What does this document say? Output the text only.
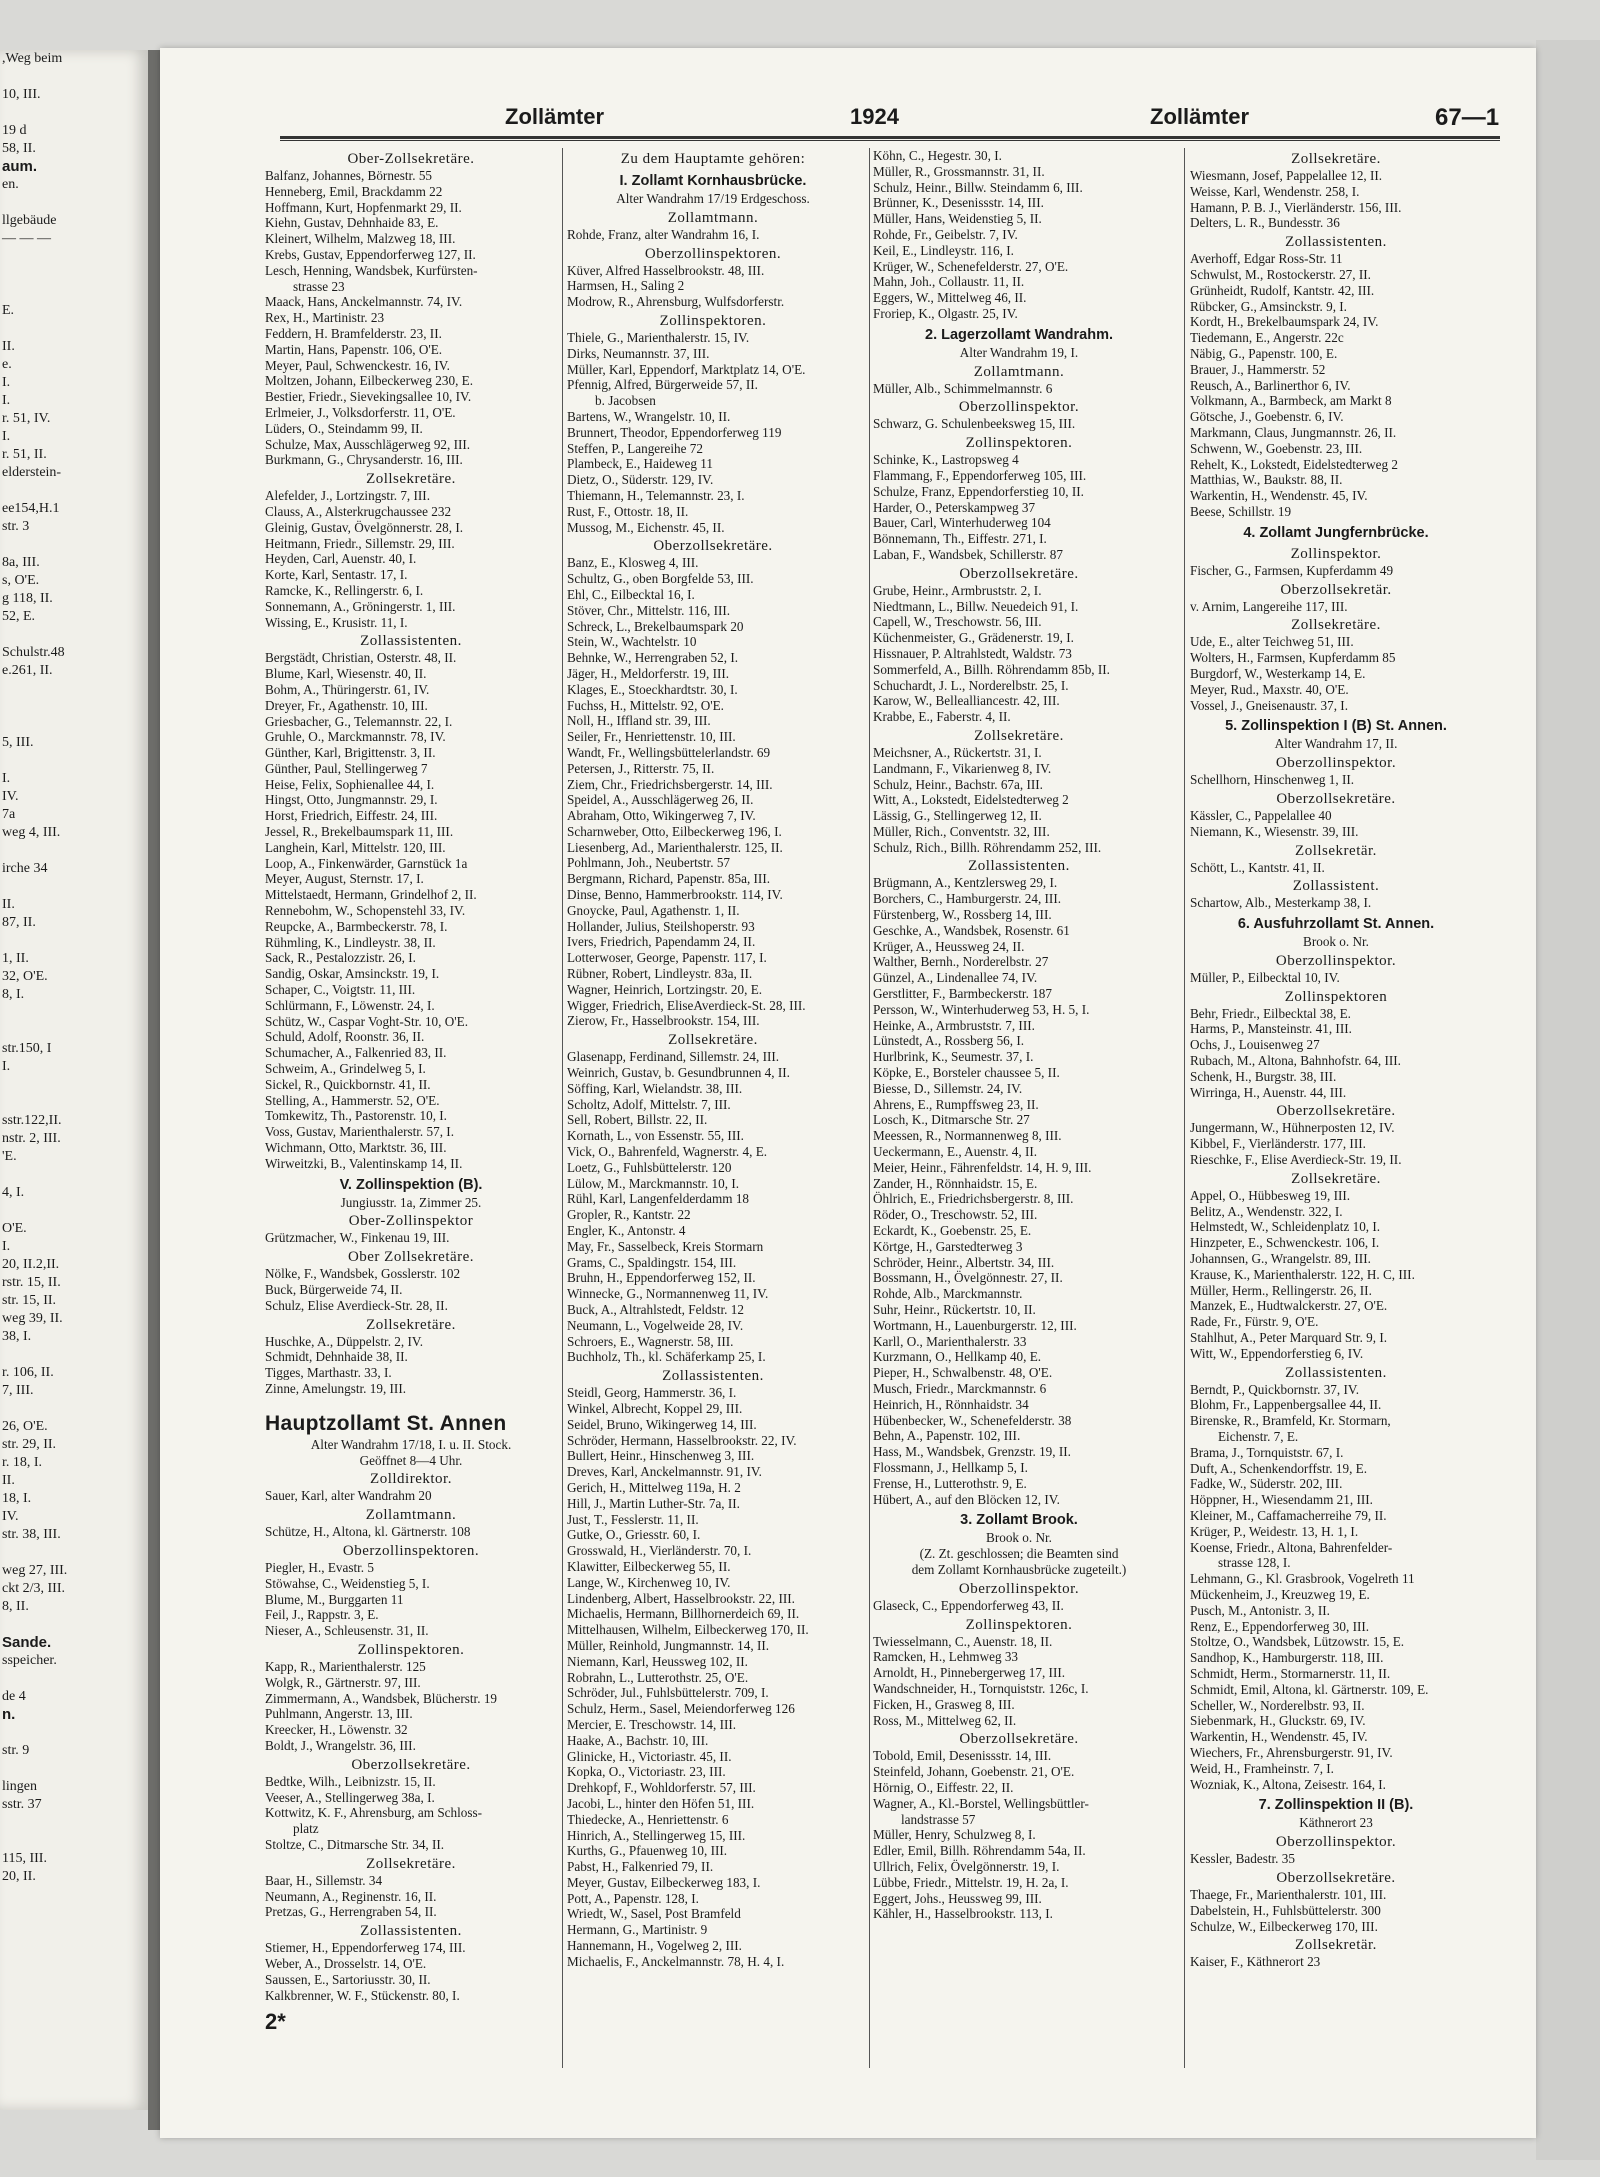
,Weg beim

10, III.

19 d
58, II.
aum.
en.

llgebäude
— — —

E.

II.
e.
I.
I.
r. 51, IV.
I.
r. 51, II.
elderstein-

ee154,H.1
str. 3

8a, III.
s, O'E.
g 118, II.
52, E.

Schulstr.48
e.261, II.

5, III.

I.
IV.
7a
weg 4, III.

irche 34

II.
87, II.

1, II.
32, O'E.
8, I.

str.150, I
I.

sstr.122,II.
nstr. 2, III.
'E.

4, I.

O'E.
I.
20, II.2,II.
rstr. 15, II.
str. 15, II.
weg 39, II.
38, I.

r. 106, II.
7, III.

26, O'E.
str. 29, II.
r. 18, I.
II.
18, I.
IV.
str. 38, III.

weg 27, III.
ckt 2/3, III.
8, II.

Sande.
sspeicher.

de 4
n.

str. 9

lingen
sstr. 37

115, III.
20, II.
Zollämter	1924	Zollämter	67—1
Ober-Zollsekretäre.
Balfanz, Johannes, Börnestr. 55
Henneberg, Emil, Brackdamm 22
Hoffmann, Kurt, Hopfenmarkt 29, II.
Kiehn, Gustav, Dehnhaide 83, E.
Kleinert, Wilhelm, Malzweg 18, III.
Krebs, Gustav, Eppendorferweg 127, II.
Lesch, Henning, Wandsbek, Kurfürsten-
strasse 23
Maack, Hans, Anckelmannstr. 74, IV.
Rex, H., Martinistr. 23
Feddern, H. Bramfelderstr. 23, II.
Martin, Hans, Papenstr. 106, O'E.
Meyer, Paul, Schwenckestr. 16, IV.
Moltzen, Johann, Eilbeckerweg 230, E.
Bestier, Friedr., Sievekingsallee 10, IV.
Erlmeier, J., Volksdorferstr. 11, O'E.
Lüders, O., Steindamm 99, II.
Schulze, Max, Ausschlägerweg 92, III.
Burkmann, G., Chrysanderstr. 16, III.
Zollsekretäre.
Alefelder, J., Lortzingstr. 7, III.
Clauss, A., Alsterkrugchaussee 232
Gleinig, Gustav, Övelgönnerstr. 28, I.
Heitmann, Friedr., Sillemstr. 29, III.
Heyden, Carl, Auenstr. 40, I.
Korte, Karl, Sentastr. 17, I.
Ramcke, K., Rellingerstr. 6, I.
Sonnemann, A., Gröningerstr. 1, III.
Wissing, E., Krusistr. 11, I.
Zollassistenten.
Bergstädt, Christian, Osterstr. 48, II.
Blume, Karl, Wiesenstr. 40, II.
Bohm, A., Thüringerstr. 61, IV.
Dreyer, Fr., Agathenstr. 10, III.
Griesbacher, G., Telemannstr. 22, I.
Gruhle, O., Marckmannstr. 78, IV.
Günther, Karl, Brigittenstr. 3, II.
Günther, Paul, Stellingerweg 7
Heise, Felix, Sophienallee 44, I.
Hingst, Otto, Jungmannstr. 29, I.
Horst, Friedrich, Eiffestr. 24, III.
Jessel, R., Brekelbaumspark 11, III.
Langhein, Karl, Mittelstr. 120, III.
Loop, A., Finkenwärder, Garnstück 1a
Meyer, August, Sternstr. 17, I.
Mittelstaedt, Hermann, Grindelhof 2, II.
Rennebohm, W., Schopenstehl 33, IV.
Reupcke, A., Barmbeckerstr. 78, I.
Rühmling, K., Lindleystr. 38, II.
Sack, R., Pestalozzistr. 26, I.
Sandig, Oskar, Amsinckstr. 19, I.
Schaper, C., Voigtstr. 11, III.
Schlürmann, F., Löwenstr. 24, I.
Schütz, W., Caspar Voght-Str. 10, O'E.
Schuld, Adolf, Roonstr. 36, II.
Schumacher, A., Falkenried 83, II.
Schweim, A., Grindelweg 5, I.
Sickel, R., Quickbornstr. 41, II.
Stelling, A., Hammerstr. 52, O'E.
Tomkewitz, Th., Pastorenstr. 10, I.
Voss, Gustav, Marienthalerstr. 57, I.
Wichmann, Otto, Marktstr. 36, III.
Wirweitzki, B., Valentinskamp 14, II.
V. Zollinspektion (B).
Jungiusstr. 1a, Zimmer 25.
Ober-Zollinspektor
Grützmacher, W., Finkenau 19, III.
Ober Zollsekretäre.
Nölke, F., Wandsbek, Gosslerstr. 102
Buck, Bürgerweide 74, II.
Schulz, Elise Averdieck-Str. 28, II.
Zollsekretäre.
Huschke, A., Düppelstr. 2, IV.
Schmidt, Dehnhaide 38, II.
Tigges, Marthastr. 33, I.
Zinne, Amelungstr. 19, III.
Hauptzollamt St. Annen
Alter Wandrahm 17/18, I. u. II. Stock.
Geöffnet 8—4 Uhr.
Zolldirektor.
Sauer, Karl, alter Wandrahm 20
Zollamtmann.
Schütze, H., Altona, kl. Gärtnerstr. 108
Oberzollinspektoren.
Piegler, H., Evastr. 5
Stöwahse, C., Weidenstieg 5, I.
Blume, M., Burggarten 11
Feil, J., Rappstr. 3, E.
Nieser, A., Schleusenstr. 31, II.
Zollinspektoren.
Kapp, R., Marienthalerstr. 125
Wolgk, R., Gärtnerstr. 97, III.
Zimmermann, A., Wandsbek, Blücherstr. 19
Puhlmann, Angerstr. 13, III.
Kreecker, H., Löwenstr. 32
Boldt, J., Wrangelstr. 36, III.
Oberzollsekretäre.
Bedtke, Wilh., Leibnizstr. 15, II.
Veeser, A., Stellingerweg 38a, I.
Kottwitz, K. F., Ahrensburg, am Schloss-
platz
Stoltze, C., Ditmarsche Str. 34, II.
Zollsekretäre.
Baar, H., Sillemstr. 34
Neumann, A., Reginenstr. 16, II.
Pretzas, G., Herrengraben 54, II.
Zollassistenten.
Stiemer, H., Eppendorferweg 174, III.
Weber, A., Drosselstr. 14, O'E.
Saussen, E., Sartoriusstr. 30, II.
Kalkbrenner, W. F., Stückenstr. 80, I.
2*
Zu dem Hauptamte gehören:
I. Zollamt Kornhausbrücke.
Alter Wandrahm 17/19 Erdgeschoss.
Zollamtmann.
Rohde, Franz, alter Wandrahm 16, I.
Oberzollinspektoren.
Küver, Alfred Hasselbrookstr. 48, III.
Harmsen, H., Saling 2
Modrow, R., Ahrensburg, Wulfsdorferstr.
Zollinspektoren.
Thiele, G., Marienthalerstr. 15, IV.
Dirks, Neumannstr. 37, III.
Müller, Karl, Eppendorf, Marktplatz 14, O'E.
Pfennig, Alfred, Bürgerweide 57, II.
b. Jacobsen
Bartens, W., Wrangelstr. 10, II.
Brunnert, Theodor, Eppendorferweg 119
Steffen, P., Langereihe 72
Plambeck, E., Haideweg 11
Dietz, O., Süderstr. 129, IV.
Thiemann, H., Telemannstr. 23, I.
Rust, F., Ottostr. 18, II.
Mussog, M., Eichenstr. 45, II.
Oberzollsekretäre.
Banz, E., Klosweg 4, III.
Schultz, G., oben Borgfelde 53, III.
Ehl, C., Eilbecktal 16, I.
Stöver, Chr., Mittelstr. 116, III.
Schreck, L., Brekelbaumspark 20
Stein, W., Wachtelstr. 10
Behnke, W., Herrengraben 52, I.
Jäger, H., Meldorferstr. 19, III.
Klages, E., Stoeckhardtstr. 30, I.
Fuchss, H., Mittelstr. 92, O'E.
Noll, H., Iffland str. 39, III.
Seiler, Fr., Henriettenstr. 10, III.
Wandt, Fr., Wellingsbüttelerlandstr. 69
Petersen, J., Ritterstr. 75, II.
Ziem, Chr., Friedrichsbergerstr. 14, III.
Speidel, A., Ausschlägerweg 26, II.
Abraham, Otto, Wikingerweg 7, IV.
Scharnweber, Otto, Eilbeckerweg 196, I.
Liesenberg, Ad., Marienthalerstr. 125, II.
Pohlmann, Joh., Neubertstr. 57
Bergmann, Richard, Papenstr. 85a, III.
Dinse, Benno, Hammerbrookstr. 114, IV.
Gnoycke, Paul, Agathenstr. 1, II.
Hollander, Julius, Steilshoperstr. 93
Ivers, Friedrich, Papendamm 24, II.
Lotterwoser, George, Papenstr. 117, I.
Rübner, Robert, Lindleystr. 83a, II.
Wagner, Heinrich, Lortzingstr. 20, E.
Wigger, Friedrich, EliseAverdieck-St. 28, III.
Zierow, Fr., Hasselbrookstr. 154, III.
Zollsekretäre.
Glasenapp, Ferdinand, Sillemstr. 24, III.
Weinrich, Gustav, b. Gesundbrunnen 4, II.
Söffing, Karl, Wielandstr. 38, III.
Scholtz, Adolf, Mittelstr. 7, III.
Sell, Robert, Billstr. 22, II.
Kornath, L., von Essenstr. 55, III.
Vick, O., Bahrenfeld, Wagnerstr. 4, E.
Loetz, G., Fuhlsbüttelerstr. 120
Lülow, M., Marckmannstr. 10, I.
Rühl, Karl, Langenfelderdamm 18
Gropler, R., Kantstr. 22
Engler, K., Antonstr. 4
May, Fr., Sasselbeck, Kreis Stormarn
Grams, C., Spaldingstr. 154, III.
Bruhn, H., Eppendorferweg 152, II.
Winnecke, G., Normannenweg 11, IV.
Buck, A., Altrahlstedt, Feldstr. 12
Neumann, L., Vogelweide 28, IV.
Schroers, E., Wagnerstr. 58, III.
Buchholz, Th., kl. Schäferkamp 25, I.
Zollassistenten.
Steidl, Georg, Hammerstr. 36, I.
Winkel, Albrecht, Koppel 29, III.
Seidel, Bruno, Wikingerweg 14, III.
Schröder, Hermann, Hasselbrookstr. 22, IV.
Bullert, Heinr., Hinschenweg 3, III.
Dreves, Karl, Anckelmannstr. 91, IV.
Gerich, H., Mittelweg 119a, H. 2
Hill, J., Martin Luther-Str. 7a, II.
Just, T., Fesslerstr. 11, II.
Gutke, O., Griesstr. 60, I.
Grosswald, H., Vierländerstr. 70, I.
Klawitter, Eilbeckerweg 55, II.
Lange, W., Kirchenweg 10, IV.
Lindenberg, Albert, Hasselbrookstr. 22, III.
Michaelis, Hermann, Billhornerdeich 69, II.
Mittelhausen, Wilhelm, Eilbeckerweg 170, II.
Müller, Reinhold, Jungmannstr. 14, II.
Niemann, Karl, Heussweg 102, II.
Robrahn, L., Lutterothstr. 25, O'E.
Schröder, Jul., Fuhlsbüttelerstr. 709, I.
Schulz, Herm., Sasel, Meiendorferweg 126
Mercier, E. Treschowstr. 14, III.
Haake, A., Bachstr. 10, III.
Glinicke, H., Victoriastr. 45, II.
Kopka, O., Victoriastr. 23, III.
Drehkopf, F., Wohldorferstr. 57, III.
Jacobi, L., hinter den Höfen 51, III.
Thiedecke, A., Henriettenstr. 6
Hinrich, A., Stellingerweg 15, III.
Kurths, G., Pfauenweg 10, III.
Pabst, H., Falkenried 79, II.
Meyer, Gustav, Eilbeckerweg 183, I.
Pott, A., Papenstr. 128, I.
Wriedt, W., Sasel, Post Bramfeld
Hermann, G., Martinistr. 9
Hannemann, H., Vogelweg 2, III.
Michaelis, F., Anckelmannstr. 78, H. 4, I.
Köhn, C., Hegestr. 30, I.
Müller, R., Grossmannstr. 31, II.
Schulz, Heinr., Billw. Steindamm 6, III.
Brünner, K., Desenissstr. 14, III.
Müller, Hans, Weidenstieg 5, II.
Rohde, Fr., Geibelstr. 7, IV.
Keil, E., Lindleystr. 116, I.
Krüger, W., Schenefelderstr. 27, O'E.
Mahn, Joh., Collaustr. 11, II.
Eggers, W., Mittelweg 46, II.
Froriep, K., Olgastr. 25, IV.
2. Lagerzollamt Wandrahm.
Alter Wandrahm 19, I.
Zollamtmann.
Müller, Alb., Schimmelmannstr. 6
Oberzollinspektor.
Schwarz, G. Schulenbeeksweg 15, III.
Zollinspektoren.
Schinke, K., Lastropsweg 4
Flammang, F., Eppendorferweg 105, III.
Schulze, Franz, Eppendorferstieg 10, II.
Harder, O., Peterskampweg 37
Bauer, Carl, Winterhuderweg 104
Bönnemann, Th., Eiffestr. 271, I.
Laban, F., Wandsbek, Schillerstr. 87
Oberzollsekretäre.
Grube, Heinr., Armbruststr. 2, I.
Niedtmann, L., Billw. Neuedeich 91, I.
Capell, W., Treschowstr. 56, III.
Küchenmeister, G., Grädenerstr. 19, I.
Hissnauer, P. Altrahlstedt, Waldstr. 73
Sommerfeld, A., Billh. Röhrendamm 85b, II.
Schuchardt, J. L., Norderelbstr. 25, I.
Karow, W., Bellealliancestr. 42, III.
Krabbe, E., Faberstr. 4, II.
Zollsekretäre.
Meichsner, A., Rückertstr. 31, I.
Landmann, F., Vikarienweg 8, IV.
Schulz, Heinr., Bachstr. 67a, III.
Witt, A., Lokstedt, Eidelstedterweg 2
Lässig, G., Stellingerweg 12, II.
Müller, Rich., Conventstr. 32, III.
Schulz, Rich., Billh. Röhrendamm 252, III.
Zollassistenten.
Brügmann, A., Kentzlersweg 29, I.
Borchers, C., Hamburgerstr. 24, III.
Fürstenberg, W., Rossberg 14, III.
Geschke, A., Wandsbek, Rosenstr. 61
Krüger, A., Heussweg 24, II.
Walther, Bernh., Norderelbstr. 27
Günzel, A., Lindenallee 74, IV.
Gerstlitter, F., Barmbeckerstr. 187
Persson, W., Winterhuderweg 53, H. 5, I.
Heinke, A., Armbruststr. 7, III.
Lünstedt, A., Rossberg 56, I.
Hurlbrink, K., Seumestr. 37, I.
Köpke, E., Borsteler chaussee 5, II.
Biesse, D., Sillemstr. 24, IV.
Ahrens, E., Rumpffsweg 23, II.
Losch, K., Ditmarsche Str. 27
Meessen, R., Normannenweg 8, III.
Ueckermann, E., Auenstr. 4, II.
Meier, Heinr., Fährenfeldstr. 14, H. 9, III.
Zander, H., Rönnhaidstr. 15, E.
Öhlrich, E., Friedrichsbergerstr. 8, III.
Röder, O., Treschowstr. 52, III.
Eckardt, K., Goebenstr. 25, E.
Körtge, H., Garstedterweg 3
Schröder, Heinr., Albertstr. 34, III.
Bossmann, H., Övelgönnestr. 27, II.
Rohde, Alb., Marckmannstr.
Suhr, Heinr., Rückertstr. 10, II.
Wortmann, H., Lauenburgerstr. 12, III.
Karll, O., Marienthalerstr. 33
Kurzmann, O., Hellkamp 40, E.
Pieper, H., Schwalbenstr. 48, O'E.
Musch, Friedr., Marckmannstr. 6
Heinrich, H., Rönnhaidstr. 34
Hübenbecker, W., Schenefelderstr. 38
Behn, A., Papenstr. 102, III.
Hass, M., Wandsbek, Grenzstr. 19, II.
Flossmann, J., Hellkamp 5, I.
Frense, H., Lutterothstr. 9, E.
Hübert, A., auf den Blöcken 12, IV.
3. Zollamt Brook.
Brook o. Nr.
(Z. Zt. geschlossen; die Beamten sind
dem Zollamt Kornhausbrücke zugeteilt.)
Oberzollinspektor.
Glaseck, C., Eppendorferweg 43, II.
Zollinspektoren.
Twiesselmann, C., Auenstr. 18, II.
Ramcken, H., Lehmweg 33
Arnoldt, H., Pinnebergerweg 17, III.
Wandschneider, H., Tornquiststr. 126c, I.
Ficken, H., Grasweg 8, III.
Ross, M., Mittelweg 62, II.
Oberzollsekretäre.
Tobold, Emil, Desenissstr. 14, III.
Steinfeld, Johann, Goebenstr. 21, O'E.
Hörnig, O., Eiffestr. 22, II.
Wagner, A., Kl.-Borstel, Wellingsbüttler-
landstrasse 57
Müller, Henry, Schulzweg 8, I.
Edler, Emil, Billh. Röhrendamm 54a, II.
Ullrich, Felix, Övelgönnerstr. 19, I.
Lübbe, Friedr., Mittelstr. 19, H. 2a, I.
Eggert, Johs., Heussweg 99, III.
Kähler, H., Hasselbrookstr. 113, I.
Zollsekretäre.
Wiesmann, Josef, Pappelallee 12, II.
Weisse, Karl, Wendenstr. 258, I.
Hamann, P. B. J., Vierländerstr. 156, III.
Delters, L. R., Bundesstr. 36
Zollassistenten.
Averhoff, Edgar Ross-Str. 11
Schwulst, M., Rostockerstr. 27, II.
Grünheidt, Rudolf, Kantstr. 42, III.
Rübcker, G., Amsinckstr. 9, I.
Kordt, H., Brekelbaumspark 24, IV.
Tiedemann, E., Angerstr. 22c
Näbig, G., Papenstr. 100, E.
Brauer, J., Hammerstr. 52
Reusch, A., Barlinerthor 6, IV.
Volkmann, A., Barmbeck, am Markt 8
Götsche, J., Goebenstr. 6, IV.
Markmann, Claus, Jungmannstr. 26, II.
Schwenn, W., Goebenstr. 23, III.
Rehelt, K., Lokstedt, Eidelstedterweg 2
Matthias, W., Baukstr. 88, II.
Warkentin, H., Wendenstr. 45, IV.
Beese, Schillstr. 19
4. Zollamt Jungfernbrücke.
Zollinspektor.
Fischer, G., Farmsen, Kupferdamm 49
Oberzollsekretär.
v. Arnim, Langereihe 117, III.
Zollsekretäre.
Ude, E., alter Teichweg 51, III.
Wolters, H., Farmsen, Kupferdamm 85
Burgdorf, W., Westerkamp 14, E.
Meyer, Rud., Maxstr. 40, O'E.
Vossel, J., Gneisenaustr. 37, I.
5. Zollinspektion I (B) St. Annen.
Alter Wandrahm 17, II.
Oberzollinspektor.
Schellhorn, Hinschenweg 1, II.
Oberzollsekretäre.
Kässler, C., Pappelallee 40
Niemann, K., Wiesenstr. 39, III.
Zollsekretär.
Schött, L., Kantstr. 41, II.
Zollassistent.
Schartow, Alb., Mesterkamp 38, I.
6. Ausfuhrzollamt St. Annen.
Brook o. Nr.
Oberzollinspektor.
Müller, P., Eilbecktal 10, IV.
Zollinspektoren
Behr, Friedr., Eilbecktal 38, E.
Harms, P., Mansteinstr. 41, III.
Ochs, J., Louisenweg 27
Rubach, M., Altona, Bahnhofstr. 64, III.
Schenk, H., Burgstr. 38, III.
Wirringa, H., Auenstr. 44, III.
Oberzollsekretäre.
Jungermann, W., Hühnerposten 12, IV.
Kibbel, F., Vierländerstr. 177, III.
Rieschke, F., Elise Averdieck-Str. 19, II.
Zollsekretäre.
Appel, O., Hübbesweg 19, III.
Belitz, A., Wendenstr. 322, I.
Helmstedt, W., Schleidenplatz 10, I.
Hinzpeter, E., Schwenckestr. 106, I.
Johannsen, G., Wrangelstr. 89, III.
Krause, K., Marienthalerstr. 122, H. C, III.
Müller, Herm., Rellingerstr. 26, II.
Manzek, E., Hudtwalckerstr. 27, O'E.
Rade, Fr., Fürstr. 9, O'E.
Stahlhut, A., Peter Marquard Str. 9, I.
Witt, W., Eppendorferstieg 6, IV.
Zollassistenten.
Berndt, P., Quickbornstr. 37, IV.
Blohm, Fr., Lappenbergsallee 44, II.
Birenske, R., Bramfeld, Kr. Stormarn,
Eichenstr. 7, E.
Brama, J., Tornquiststr. 67, I.
Duft, A., Schenkendorffstr. 19, E.
Fadke, W., Süderstr. 202, III.
Höppner, H., Wiesendamm 21, III.
Kleiner, M., Caffamacherreihe 79, II.
Krüger, P., Weidestr. 13, H. 1, I.
Koense, Friedr., Altona, Bahrenfelder-
strasse 128, I.
Lehmann, G., Kl. Grasbrook, Vogelreth 11
Mückenheim, J., Kreuzweg 19, E.
Pusch, M., Antonistr. 3, II.
Renz, E., Eppendorferweg 30, III.
Stoltze, O., Wandsbek, Lützowstr. 15, E.
Sandhop, K., Hamburgerstr. 118, III.
Schmidt, Herm., Stormarnerstr. 11, II.
Schmidt, Emil, Altona, kl. Gärtnerstr. 109, E.
Scheller, W., Norderelbstr. 93, II.
Siebenmark, H., Gluckstr. 69, IV.
Warkentin, H., Wendenstr. 45, IV.
Wiechers, Fr., Ahrensburgerstr. 91, IV.
Weid, H., Framheinstr. 7, I.
Wozniak, K., Altona, Zeisestr. 164, I.
7. Zollinspektion II (B).
Käthnerort 23
Oberzollinspektor.
Kessler, Badestr. 35
Oberzollsekretäre.
Thaege, Fr., Marienthalerstr. 101, III.
Dabelstein, H., Fuhlsbüttelerstr. 300
Schulze, W., Eilbeckerweg 170, III.
Zollsekretär.
Kaiser, F., Käthnerort 23
